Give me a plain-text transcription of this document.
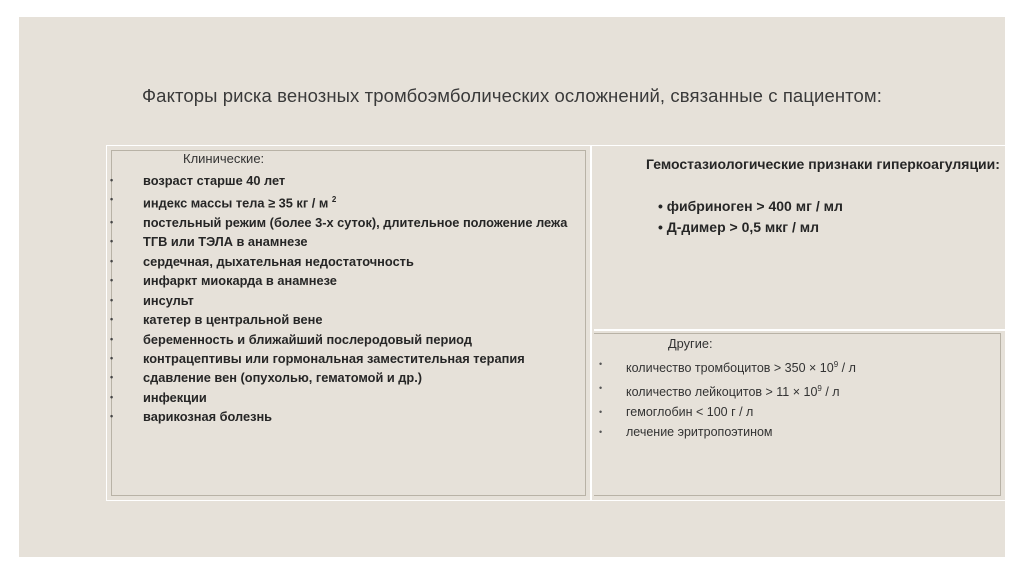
Факторы риска венозных тромбоэмболических осложнений, связанные с пациентом:
Клинические:
• возраст старше 40 лет
• индекс массы тела ≥ 35 кг / м $^2$
• постельный режим (более 3-х суток), длительное положение лежа
• ТГВ или ТЭЛА в анамнезе
• сердечная, дыхательная недостаточность
• инфаркт миокарда в анамнезе
• инсульт
• катетер в центральной вене
• беременность и ближайший послеродовый период
• контрацептивы или гормональная заместительная терапия
• сдавление вен (опухолью, гематомой и др.)
• инфекции
• варикозная болезнь
Гемостазиологические признаки гиперкоагуляции:
• фибриноген > 400 мг / мл
• Д-димер > 0,5 мкг / мл
Другие:
• количество тромбоцитов > $350 \times 10^9 / л$
• количество лейкоцитов > $11 \times 10^9 / л$
• гемоглобин < 100 г / л
• лечение эритропоэтином
